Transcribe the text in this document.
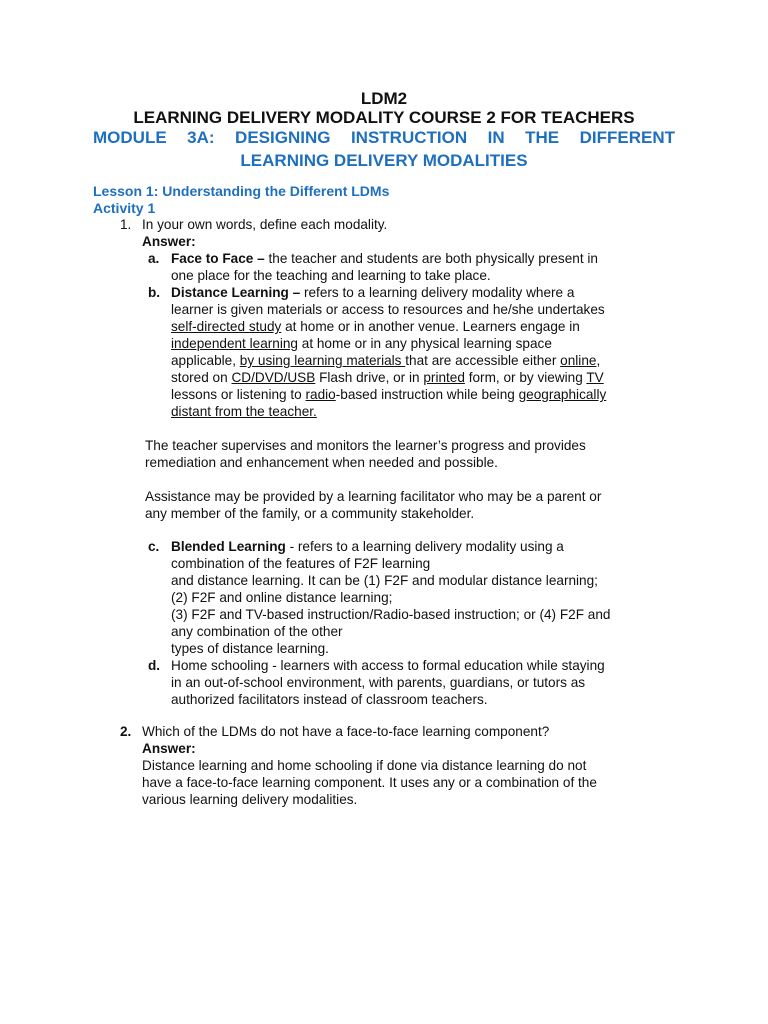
LDM2
LEARNING DELIVERY MODALITY COURSE 2 FOR TEACHERS
MODULE 3A: DESIGNING INSTRUCTION IN THE DIFFERENT
LEARNING DELIVERY MODALITIES
Lesson 1: Understanding the Different LDMs
Activity 1
1. In your own words, define each modality.
Answer:
a. Face to Face – the teacher and students are both physically present in
one place for the teaching and learning to take place.
b. Distance Learning – refers to a learning delivery modality where a
learner is given materials or access to resources and he/she undertakes
self-directed study at home or in another venue. Learners engage in
independent learning at home or in any physical learning space
applicable, by using learning materials that are accessible either online,
stored on CD/DVD/USB Flash drive, or in printed form, or by viewing TV
lessons or listening to radio-based instruction while being geographically
distant from the teacher.
The teacher supervises and monitors the learner’s progress and provides
remediation and enhancement when needed and possible.
Assistance may be provided by a learning facilitator who may be a parent or
any member of the family, or a community stakeholder.
c. Blended Learning - refers to a learning delivery modality using a
combination of the features of F2F learning
and distance learning. It can be (1) F2F and modular distance learning;
(2) F2F and online distance learning;
(3) F2F and TV-based instruction/Radio-based instruction; or (4) F2F and
any combination of the other
types of distance learning.
d. Home schooling - learners with access to formal education while staying
in an out-of-school environment, with parents, guardians, or tutors as
authorized facilitators instead of classroom teachers.
2. Which of the LDMs do not have a face-to-face learning component?
Answer:
Distance learning and home schooling if done via distance learning do not
have a face-to-face learning component. It uses any or a combination of the
various learning delivery modalities.
